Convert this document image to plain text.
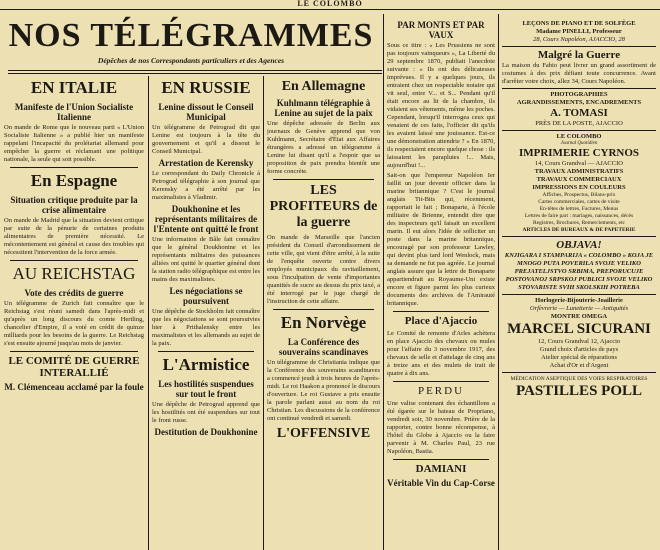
LE COLOMBO
NOS TÉLÉGRAMMES
Dépêches de nos Correspondants particuliers et des Agences
EN ITALIE
Manifeste de l'Union Socialiste Italienne

On mande de Rome que le nouveau parti « L'Union Socialiste Italienne » a publié hier un manifeste rappelant l'incapacité du prolétariat allemand pour empêcher la guerre et réclamant une politique nationale, la seule qui soit possible.

En Espagne
Situation critique produite par la crise alimentaire

On mande de Madrid que la situation devient critique par suite de la pénurie de certaines produits alimentaires de première nécessité. Le mécontentement est général et cause des troubles qui nécessitent l'intervention de la force armée.

AU REICHSTAG
Vote des crédits de guerre

Un télégramme de Zurich fait connaître que le Reichstag s'est réuni samedi dans l'après-midi et qu'après un long discours du comte Hertling, chancelier d'Empire, il a voté en crédit de quinze milliards pour les besoins de la guerre. Le Reichstag s'est ensuite ajourné jusqu'au mois de janvier.

LE COMITÉ DE GUERRE INTERALLIÉ
M. Clémenceau acclamé par la foule
EN RUSSIE
Lenine dissout le Conseil Municipal

Un télégramme de Petrograd dit que Lenine est toujours à la tête du gouvernement et qu'il a dissout le Conseil Municipal.

Arrestation de Kerensky

Le correspondant du Daily Chronicle à Petrograd télégraphie à son journal que Kerensky a été arrêté par les maximalistes à Vladimir.

Doukhonine et les représentants militaires de l'Entente ont quitté le front

Une information de Bâle fait connaître que le général Doukhonine et les représentants militaires des puissances alliées ont quitté le quartier général dont la station radio télégraphique est entre les mains des maximalistes.

Les négociations se poursuivent

Une dépêche de Stockholm fait connaître que les négociations se sont poursuivies hier à Prithalensky entre les maximalistes et les allemands au sujet de la paix.

L'Armistice
Les hostilités suspendues sur tout le front

Une dépêche de Petrograd apprend que les hostilités ont été suspendues sur tout le front russe.

Destitution de Doukhonine
En Allemagne
Kuhlmann télégraphie à Lenine au sujet de la paix

Une dépêche adressée de Berlin aux journaux de Genève apprend que von Kuhlmann, Secrétaire d'État aux Affaires étrangères a adressé un télégramme à Lenine lui disant qu'il a l'espoir que sa proposition de paix prendra bientôt une forme concrète.

LES PROFITEURS de la guerre

On mande de Marseille que l'ancien président du Conseil d'arrondissement de cette ville, qui vient d'être arrêté, à la suite de l'enquête ouverte contre divers employés municipaux du ravitaillement, sous l'inculpation de vente d'importantes quantités de sucre au dessus du prix taxé, a été interrogé par le juge chargé de l'instruction de cette affaire.

En Norvège
La Conférence des souverains scandinaves

Un télégramme de Christiania indique que la Conférence des souverains scandinaves a commencé jeudi à trois heures de l'après-midi. Le roi Haakon a prononcé le discours d'ouverture. Le roi Gustave a pris ensuite la parole parlant aussi au nom du roi Christian. Les discussions de la conférence ont continué vendredi et samedi.

L'OFFENSIVE
PAR MONTS ET PAR VAUX

Sous ce titre : « Les Prussiens ne sont pas toujours vainqueurs », La Liberté du 29 septembre 1870, publiait l'anecdote suivante : « Ils ont des délicatesses imprévues. Il y a quelques jours, ils entraient chez un respectable notaire qui vit seul, entre V... et S... Pendant qu'il était encore au lit de la chambre, ils vidaient ses vêtements, même les poches. Cependant, lorsqu'il interrogea ceux qui venaient de ces faits, l'officier dit qu'ils les avaient laissé une jouissance. Est-ce une démonstration attendrie ? » En 1870, ils respectaient encore quelque chose : ils laissaient les parapluies !... Mais, aujourd'hui !...

Sait-on que l'empereur Napoléon Ier faillit un jour devenir officier dans la marine britannique ? C'est le journal anglais Tit-Bits qui, récemment, rapportait le fait ; Bonaparte, à l'école militaire de Brienne, entendit dire que des inspecteurs qu'il faisait un excellent marin. Il eut alors l'idée de solliciter un poste dans la marine britannique, encouragé par son professeur Lawley, qui devint plus tard lord Wenlock, mais sa demande ne fut pas agréée. Le journal anglais assure que la lettre de Bonaparte appartiendrait au Royaume-Uni existe encore et figure parmi les plus curieux documents des archives de l'Amirauté britannique.

Place d'Ajaccio

Le Comité de remonte d'Arles achètera en place Ajaccio des chevaux ou mules pour l'affaire du 3 novembre 1917, des chevaux de selle et d'attelage de cinq ans à treize ans et des mulets de trait de quatre à dix ans.

PERDU

Une valise contenant des échantillons a été égarée sur le bateau de Propriano, vendredi soir, 30 novembre. Prière de la rapporter, contre bonne récompense, à l'hôtel du Globe à Ajaccio ou la faire parvenir à M. Charles Paul, 23 rue Napoléon, Bastia.

DAMIANI
Véritable Vin du Cap-Corse
LEÇONS DE PIANO ET DE SOLFÈGE
Madame PINELLI, Professeur
28, Cours Napoléon, AJACCIO, 28
Malgré la Guerre
La maison du Fabio peut livrer un grand assortiment de costumes à des prix défiant toute concurrence. Avant d'arrêter votre choix, allez 34, Cours Napoléon.
PHOTOGRAPHIES
AGRANDISSEMENTS, ENCADREMENTS
A. TOMASI
PRÈS DE LA POSTE, AJACCIO
LE COLOMBO
Journal Quotidien
IMPRIMERIE CYRNOS
14, Cours Grandval — AJACCIO
TRAVAUX ADMINISTRATIFS
TRAVAUX COMMERCIAUX
IMPRESSIONS EN COULEURS
Affiches, Prospectus, Bilans-prix
Cartes commerciales, cartes de visite
En-têtes de lettres, Factures, Menus
Lettres de faire part : mariages, naissances, décès
Registres, Brochures, Remerciements, etc
ARTICLES DE BUREAUX & DE PAPETERIE
OBJAVA!
KNJIGARA I STAMPARIJA « COLOMBO » KOJA JE MNOGO PUTA POVERILA SVOJE VELIKO PREJATELJSTVO SRBIMA, PREPORUCUJE POSTOVANOJ SRPSKOJ PUBLICI SVOJE VELIKO STOVARISTE SVIH SKOLSKIH POTREBA
Horlogerie-Bijouterie-Joaillerie
Orfèvrerie — Lunetterie — Antiquités
MONTRE OMEGA
MARCEL SICURANI
12, Cours Grandval 12, Ajaccio
Grand choix d'articles de pays
Atelier spécial de réparations
Achat d'Or et d'Argent
MÉDICATION ASEPTIQUE DES VOIES RESPIRATOIRES
PASTILLES POLL
